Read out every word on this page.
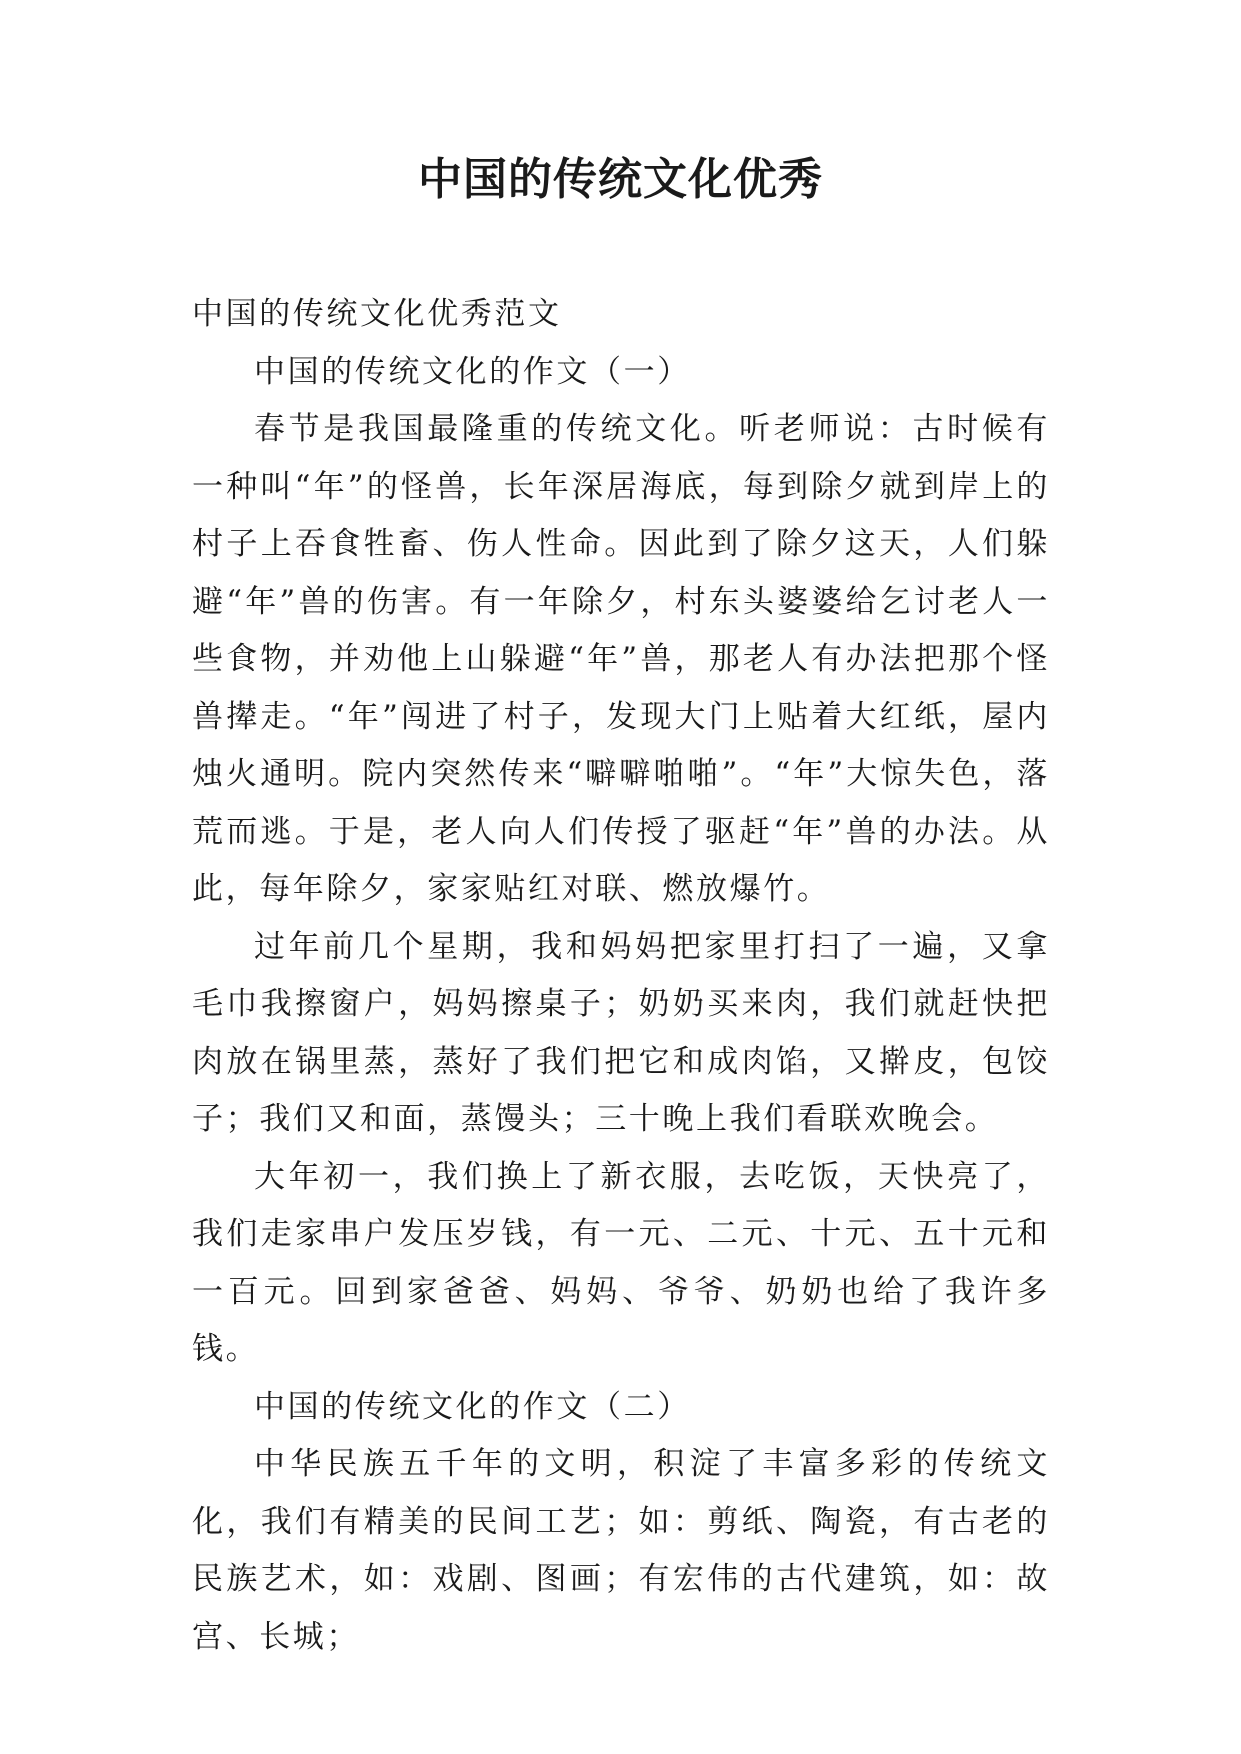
中国的传统文化优秀

中国的传统文化优秀范文

中国的传统文化的作文（一）

春节是我国最隆重的传统文化。听老师说：古时候有一种叫“年”的怪兽，长年深居海底，每到除夕就到岸上的村子上吞食牲畜、伤人性命。因此到了除夕这天，人们躲避“年”兽的伤害。有一年除夕，村东头婆婆给乞讨老人一些食物，并劝他上山躲避“年”兽，那老人有办法把那个怪兽撵走。“年”闯进了村子，发现大门上贴着大红纸，屋内烛火通明。院内突然传来“噼噼啪啪”。“年”大惊失色，落荒而逃。于是，老人向人们传授了驱赶“年”兽的办法。从此，每年除夕，家家贴红对联、燃放爆竹。

过年前几个星期，我和妈妈把家里打扫了一遍，又拿毛巾我擦窗户，妈妈擦桌子；奶奶买来肉，我们就赶快把肉放在锅里蒸，蒸好了我们把它和成肉馅，又擀皮，包饺子；我们又和面，蒸馒头；三十晚上我们看联欢晚会。

大年初一，我们换上了新衣服，去吃饭，天快亮了，我们走家串户发压岁钱，有一元、二元、十元、五十元和一百元。回到家爸爸、妈妈、爷爷、奶奶也给了我许多钱。

中国的传统文化的作文（二）

中华民族五千年的文明，积淀了丰富多彩的传统文化，我们有精美的民间工艺；如：剪纸、陶瓷，有古老的民族艺术，如：戏剧、图画；有宏伟的古代建筑，如：故宫、长城；
